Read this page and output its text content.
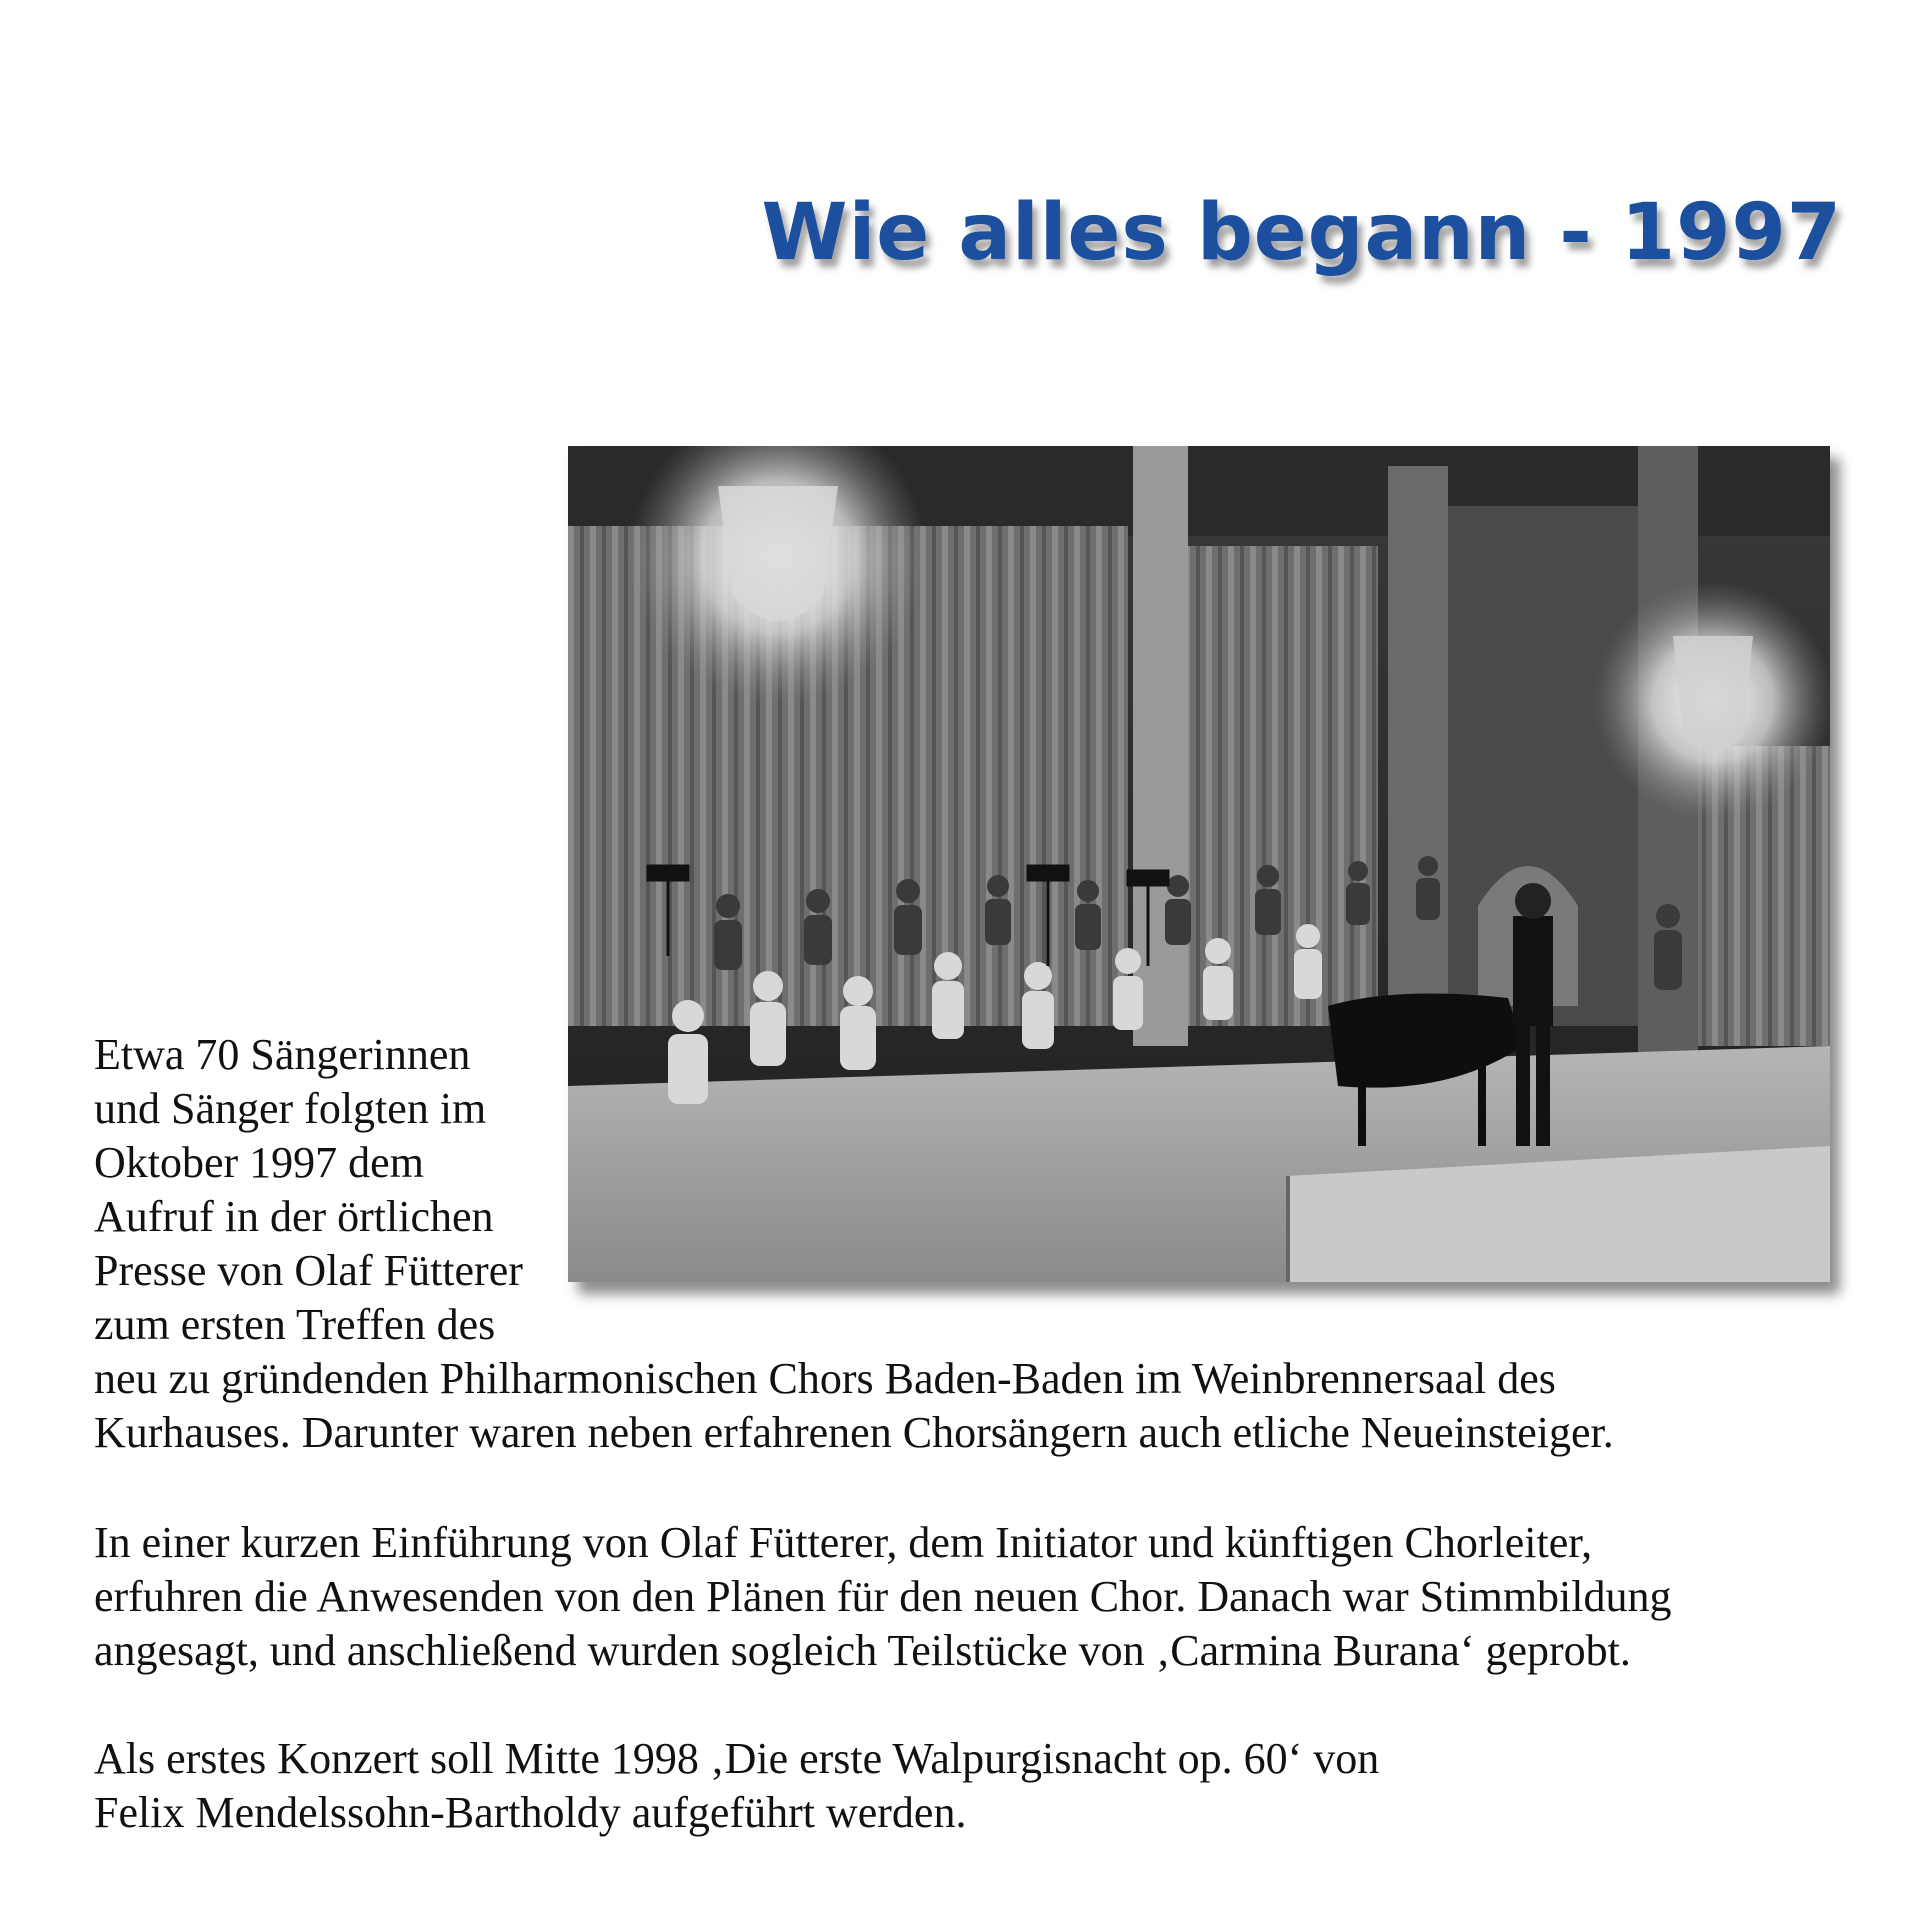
Wie alles begann - 1997
Etwa 70 Sängerinnen
und Sänger folgten im
Oktober 1997 dem
Aufruf in der örtlichen
Presse von Olaf Fütterer
zum ersten Treffen des
neu zu gründenden Philharmonischen Chors Baden-Baden im Weinbrennersaal des
Kurhauses. Darunter waren neben erfahrenen Chorsängern auch etliche Neueinsteiger.
In einer kurzen Einführung von Olaf Fütterer, dem Initiator und künftigen Chorleiter,
erfuhren die Anwesenden von den Plänen für den neuen Chor. Danach war Stimmbildung
angesagt, und anschließend wurden sogleich Teilstücke von ‚Carmina Burana‘ geprobt.
Als erstes Konzert soll Mitte 1998 ‚Die erste Walpurgisnacht op. 60‘ von
Felix Mendelssohn-Bartholdy aufgeführt werden.
